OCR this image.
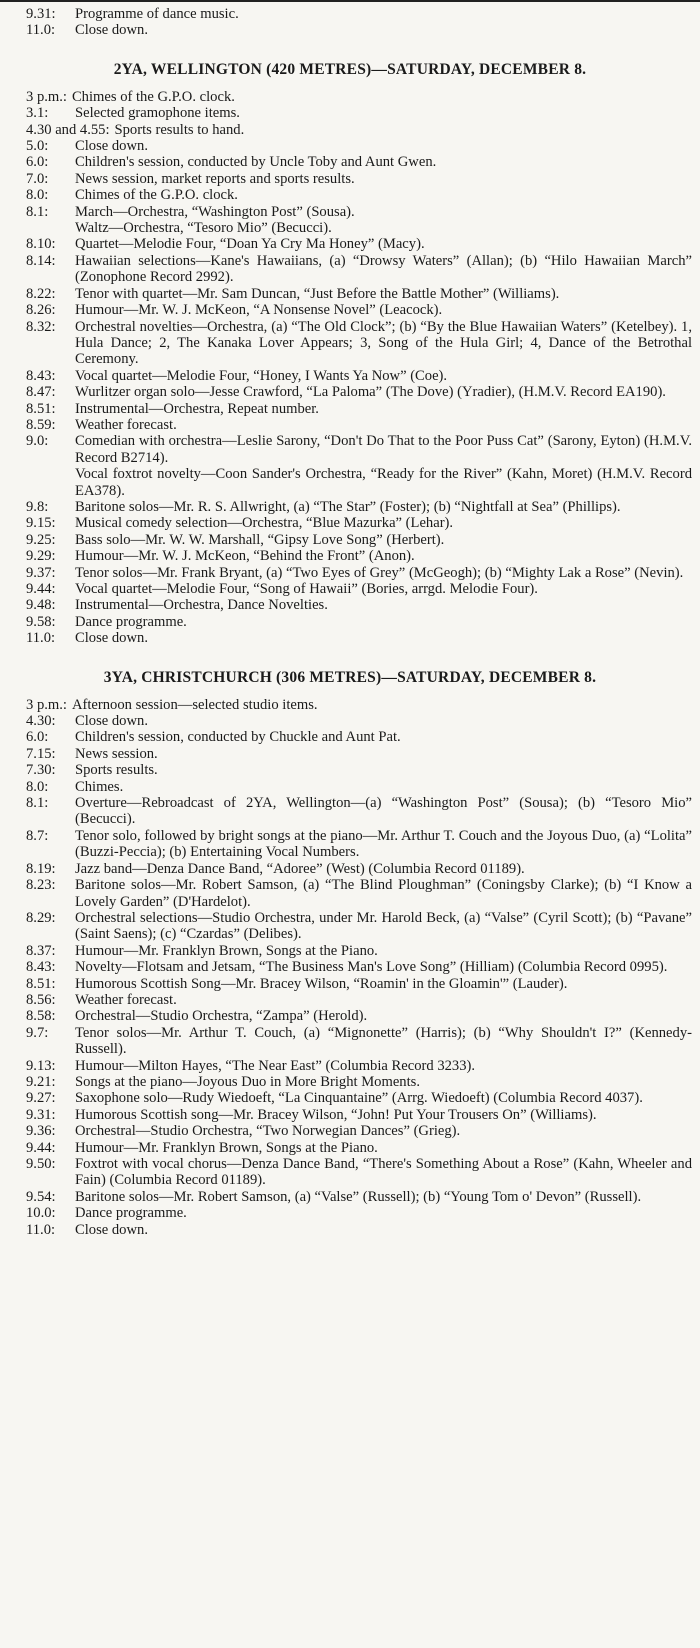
9.31:	Programme of dance music.
11.0:	Close down.
2YA, WELLINGTON (420 METRES)—SATURDAY, DECEMBER 8.
3 p.m.: Chimes of the G.P.O. clock.
3.1:	Selected gramophone items.
4.30 and 4.55: Sports results to hand.
5.0:	Close down.
6.0:	Children's session, conducted by Uncle Toby and Aunt Gwen.
7.0:	News session, market reports and sports results.
8.0:	Chimes of the G.P.O. clock.
8.1:	March—Orchestra, “Washington Post” (Sousa).
Waltz—Orchestra, “Tesoro Mio” (Becucci).
8.10:	Quartet—Melodie Four, “Doan Ya Cry Ma Honey” (Macy).
8.14:	Hawaiian selections—Kane's Hawaiians, (a) “Drowsy Waters” (Allan); (b) “Hilo Hawaiian March” (Zonophone Record 2992).
8.22:	Tenor with quartet—Mr. Sam Duncan, “Just Before the Battle Mother” (Williams).
8.26:	Humour—Mr. W. J. McKeon, “A Nonsense Novel” (Leacock).
8.32:	Orchestral novelties—Orchestra, (a) “The Old Clock”; (b) “By the Blue Hawaiian Waters” (Ketelbey). 1, Hula Dance; 2, The Kanaka Lover Appears; 3, Song of the Hula Girl; 4, Dance of the Betrothal Ceremony.
8.43:	Vocal quartet—Melodie Four, “Honey, I Wants Ya Now” (Coe).
8.47:	Wurlitzer organ solo—Jesse Crawford, “La Paloma” (The Dove) (Yradier), (H.M.V. Record EA190).
8.51:	Instrumental—Orchestra, Repeat number.
8.59:	Weather forecast.
9.0:	Comedian with orchestra—Leslie Sarony, “Don't Do That to the Poor Puss Cat” (Sarony, Eyton) (H.M.V. Record B2714).
Vocal foxtrot novelty—Coon Sander's Orchestra, “Ready for the River” (Kahn, Moret) (H.M.V. Record EA378).
9.8:	Baritone solos—Mr. R. S. Allwright, (a) “The Star” (Foster); (b) “Nightfall at Sea” (Phillips).
9.15:	Musical comedy selection—Orchestra, “Blue Mazurka” (Lehar).
9.25:	Bass solo—Mr. W. W. Marshall, “Gipsy Love Song” (Herbert).
9.29:	Humour—Mr. W. J. McKeon, “Behind the Front” (Anon).
9.37:	Tenor solos—Mr. Frank Bryant, (a) “Two Eyes of Grey” (McGeogh); (b) “Mighty Lak a Rose” (Nevin).
9.44:	Vocal quartet—Melodie Four, “Song of Hawaii” (Bories, arrgd. Melodie Four).
9.48:	Instrumental—Orchestra, Dance Novelties.
9.58:	Dance programme.
11.0:	Close down.
3YA, CHRISTCHURCH (306 METRES)—SATURDAY, DECEMBER 8.
3 p.m.: Afternoon session—selected studio items.
4.30:	Close down.
6.0:	Children's session, conducted by Chuckle and Aunt Pat.
7.15:	News session.
7.30:	Sports results.
8.0:	Chimes.
8.1:	Overture—Rebroadcast of 2YA, Wellington—(a) “Washington Post” (Sousa); (b) “Tesoro Mio” (Becucci).
8.7:	Tenor solo, followed by bright songs at the piano—Mr. Arthur T. Couch and the Joyous Duo, (a) “Lolita” (Buzzi-Peccia); (b) Entertaining Vocal Numbers.
8.19:	Jazz band—Denza Dance Band, “Adoree” (West) (Columbia Record 01189).
8.23:	Baritone solos—Mr. Robert Samson, (a) “The Blind Ploughman” (Coningsby Clarke); (b) “I Know a Lovely Garden” (D'Hardelot).
8.29:	Orchestral selections—Studio Orchestra, under Mr. Harold Beck, (a) “Valse” (Cyril Scott); (b) “Pavane” (Saint Saens); (c) “Czardas” (Delibes).
8.37:	Humour—Mr. Franklyn Brown, Songs at the Piano.
8.43:	Novelty—Flotsam and Jetsam, “The Business Man's Love Song” (Hilliam) (Columbia Record 0995).
8.51:	Humorous Scottish Song—Mr. Bracey Wilson, “Roamin' in the Gloamin'” (Lauder).
8.56:	Weather forecast.
8.58:	Orchestral—Studio Orchestra, “Zampa” (Herold).
9.7:	Tenor solos—Mr. Arthur T. Couch, (a) “Mignonette” (Harris); (b) “Why Shouldn't I?” (Kennedy-Russell).
9.13:	Humour—Milton Hayes, “The Near East” (Columbia Record 3233).
9.21:	Songs at the piano—Joyous Duo in More Bright Moments.
9.27:	Saxophone solo—Rudy Wiedoeft, “La Cinquantaine” (Arrg. Wiedoeft) (Columbia Record 4037).
9.31:	Humorous Scottish song—Mr. Bracey Wilson, “John! Put Your Trousers On” (Williams).
9.36:	Orchestral—Studio Orchestra, “Two Norwegian Dances” (Grieg).
9.44:	Humour—Mr. Franklyn Brown, Songs at the Piano.
9.50:	Foxtrot with vocal chorus—Denza Dance Band, “There's Something About a Rose” (Kahn, Wheeler and Fain) (Columbia Record 01189).
9.54:	Baritone solos—Mr. Robert Samson, (a) “Valse” (Russell); (b) “Young Tom o' Devon” (Russell).
10.0:	Dance programme.
11.0:	Close down.
